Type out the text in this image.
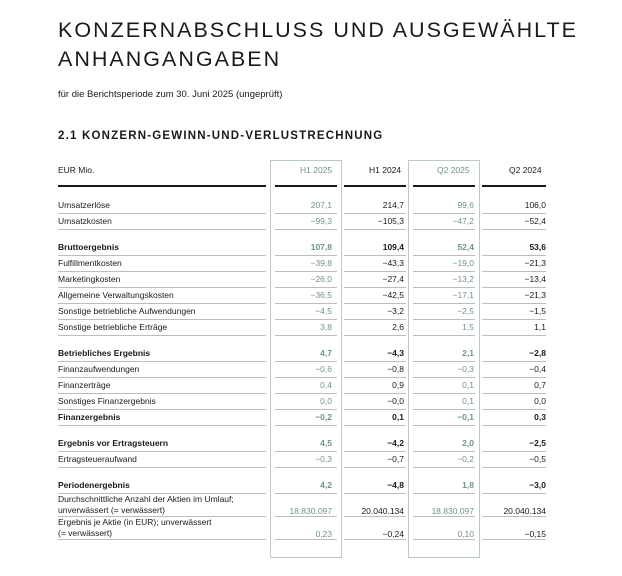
KONZERNABSCHLUSS UND AUSGEWÄHLTE
ANHANGANGABEN
für die Berichtsperiode zum 30. Juni 2025 (ungeprüft)
2.1 KONZERN-GEWINN-UND-VERLUSTRECHNUNG
EUR Mio.	H1 2025	H1 2024	Q2 2025	Q2 2024
Umsatzerlöse	207,1	214,7	99,6	106,0
Umsatzkosten	−99,3	−105,3	−47,2	−52,4
Bruttoergebnis	107,8	109,4	52,4	53,6
Fulfillmentkosten	−39,8	−43,3	−19,0	−21,3
Marketingkosten	−26,0	−27,4	−13,2	−13,4
Allgemeine Verwaltungskosten	−36,5	−42,5	−17,1	−21,3
Sonstige betriebliche Aufwendungen	−4,5	−3,2	−2,5	−1,5
Sonstige betriebliche Erträge	3,8	2,6	1,5	1,1
Betriebliches Ergebnis	4,7	−4,3	2,1	−2,8
Finanzaufwendungen	−0,6	−0,8	−0,3	−0,4
Finanzerträge	0,4	0,9	0,1	0,7
Sonstiges Finanzergebnis	0,0	−0,0	0,1	0,0
Finanzergebnis	−0,2	0,1	−0,1	0,3
Ergebnis vor Ertragsteuern	4,5	−4,2	2,0	−2,5
Ertragsteueraufwand	−0,3	−0,7	−0,2	−0,5
Periodenergebnis	4,2	−4,8	1,8	−3,0
Durchschnittliche Anzahl der Aktien im Umlauf;
unverwässert (= verwässert)	18.830.097	20.040.134	18.830.097	20.040.134
Ergebnis je Aktie (in EUR); unverwässert
(= verwässert)	0,23	−0,24	0,10	−0,15
